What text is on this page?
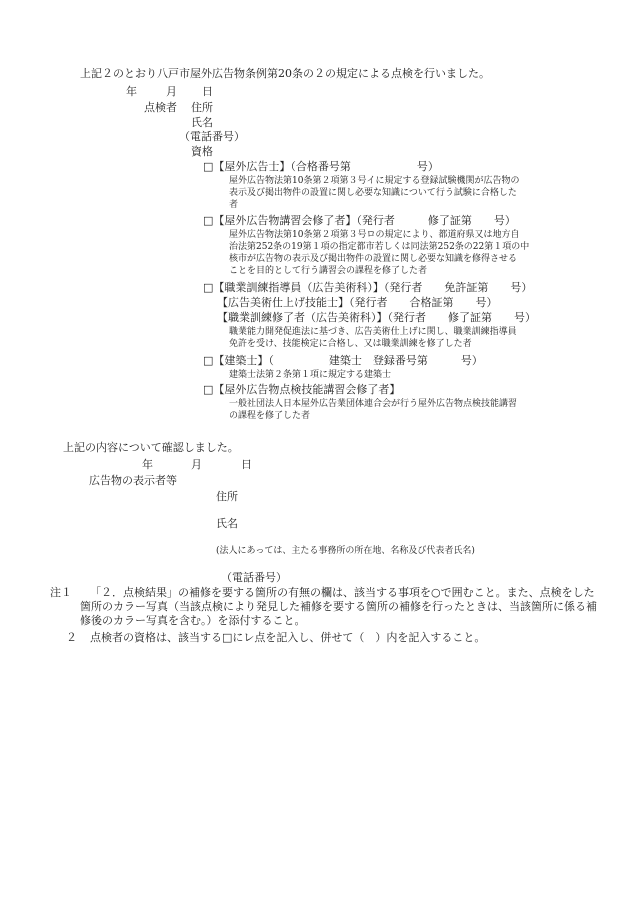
上記２のとおり八戸市屋外広告物条例第20条の２の規定による点検を行いました。
年	月 日
点検者 住所
氏名
（電話番号）
資格
□【屋外広告士】（合格番号第　　　　　　号）
屋外広告物法第10条第２項第３号イに規定する登録試験機関が広告物の
表示及び掲出物件の設置に関し必要な知識について行う試験に合格した
者
□【屋外広告物講習会修了者】（発行者　　　修了証第　　号）
屋外広告物法第10条第２項第３号ロの規定により、都道府県又は地方自
治法第252条の19第１項の指定都市若しくは同法第252条の22第１項の中
核市が広告物の表示及び掲出物件の設置に関し必要な知識を修得させる
ことを目的として行う講習会の課程を修了した者
□【職業訓練指導員（広告美術科）】（発行者　　免許証第　　号）
【広告美術仕上げ技能士】（発行者　　合格証第　　号）
【職業訓練修了者（広告美術科）】（発行者　　修了証第　　号）
職業能力開発促進法に基づき、広告美術仕上げに関し、職業訓練指導員
免許を受け、技能検定に合格し、又は職業訓練を修了した者
□【建築士】（　　　　　建築士　登録番号第　　　号）
建築士法第２条第１項に規定する建築士
□【屋外広告物点検技能講習会修了者】
一般社団法人日本屋外広告業団体連合会が行う屋外広告物点検技能講習
の課程を修了した者
上記の内容について確認しました。
年	月	日
広告物の表示者等
住所
氏名
(法人にあっては、主たる事務所の所在地、名称及び代表者氏名)
（電話番号）
注１	「２．点検結果」の補修を要する箇所の有無の欄は、該当する事項を○で囲むこと。また、点検をした箇所のカラー写真（当該点検により発見した補修を要する箇所の補修を行ったときは、当該箇所に係る補修後のカラー写真を含む。）を添付すること。
２ 点検者の資格は、該当する□にレ点を記入し、併せて（　）内を記入すること。
